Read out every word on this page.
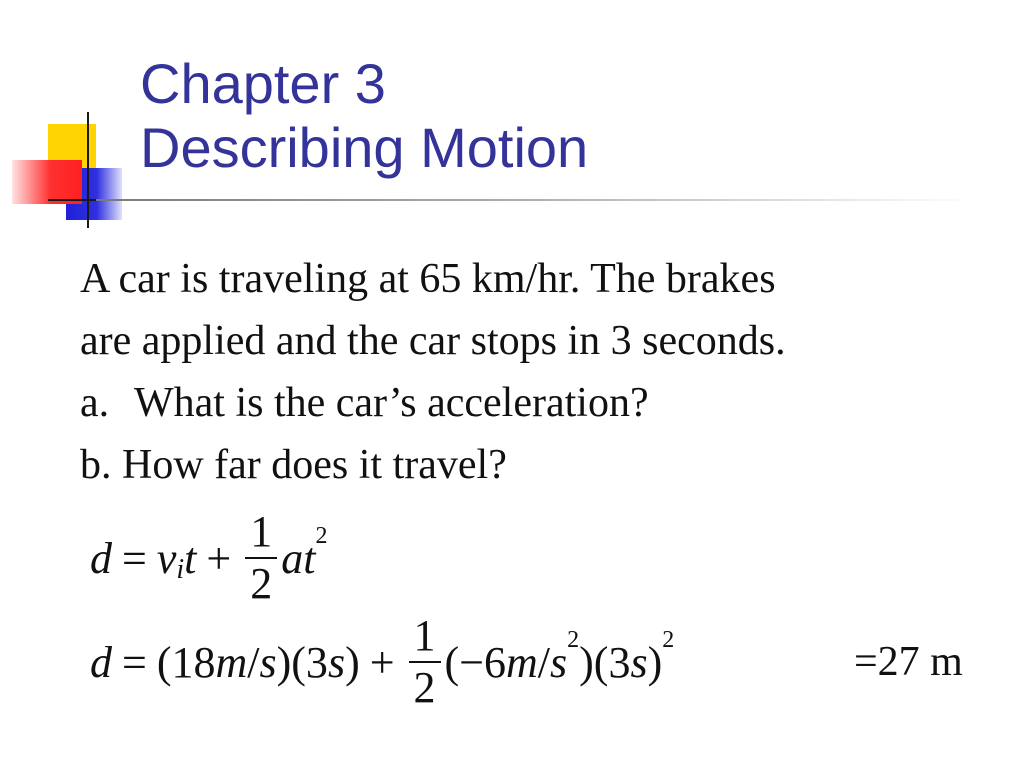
Chapter 3
Describing Motion
A car is traveling at 65 km/hr. The brakes
are applied and the car stops in 3 seconds.
a. What is the car’s acceleration?
b. How far does it travel?
d = v i $t + \frac{1}{2}$ at 2
d = (18 m / s )(3 s ) + $\frac{1}{2} (-6$ m / s 2 )(3 s ) 2	=27 m
